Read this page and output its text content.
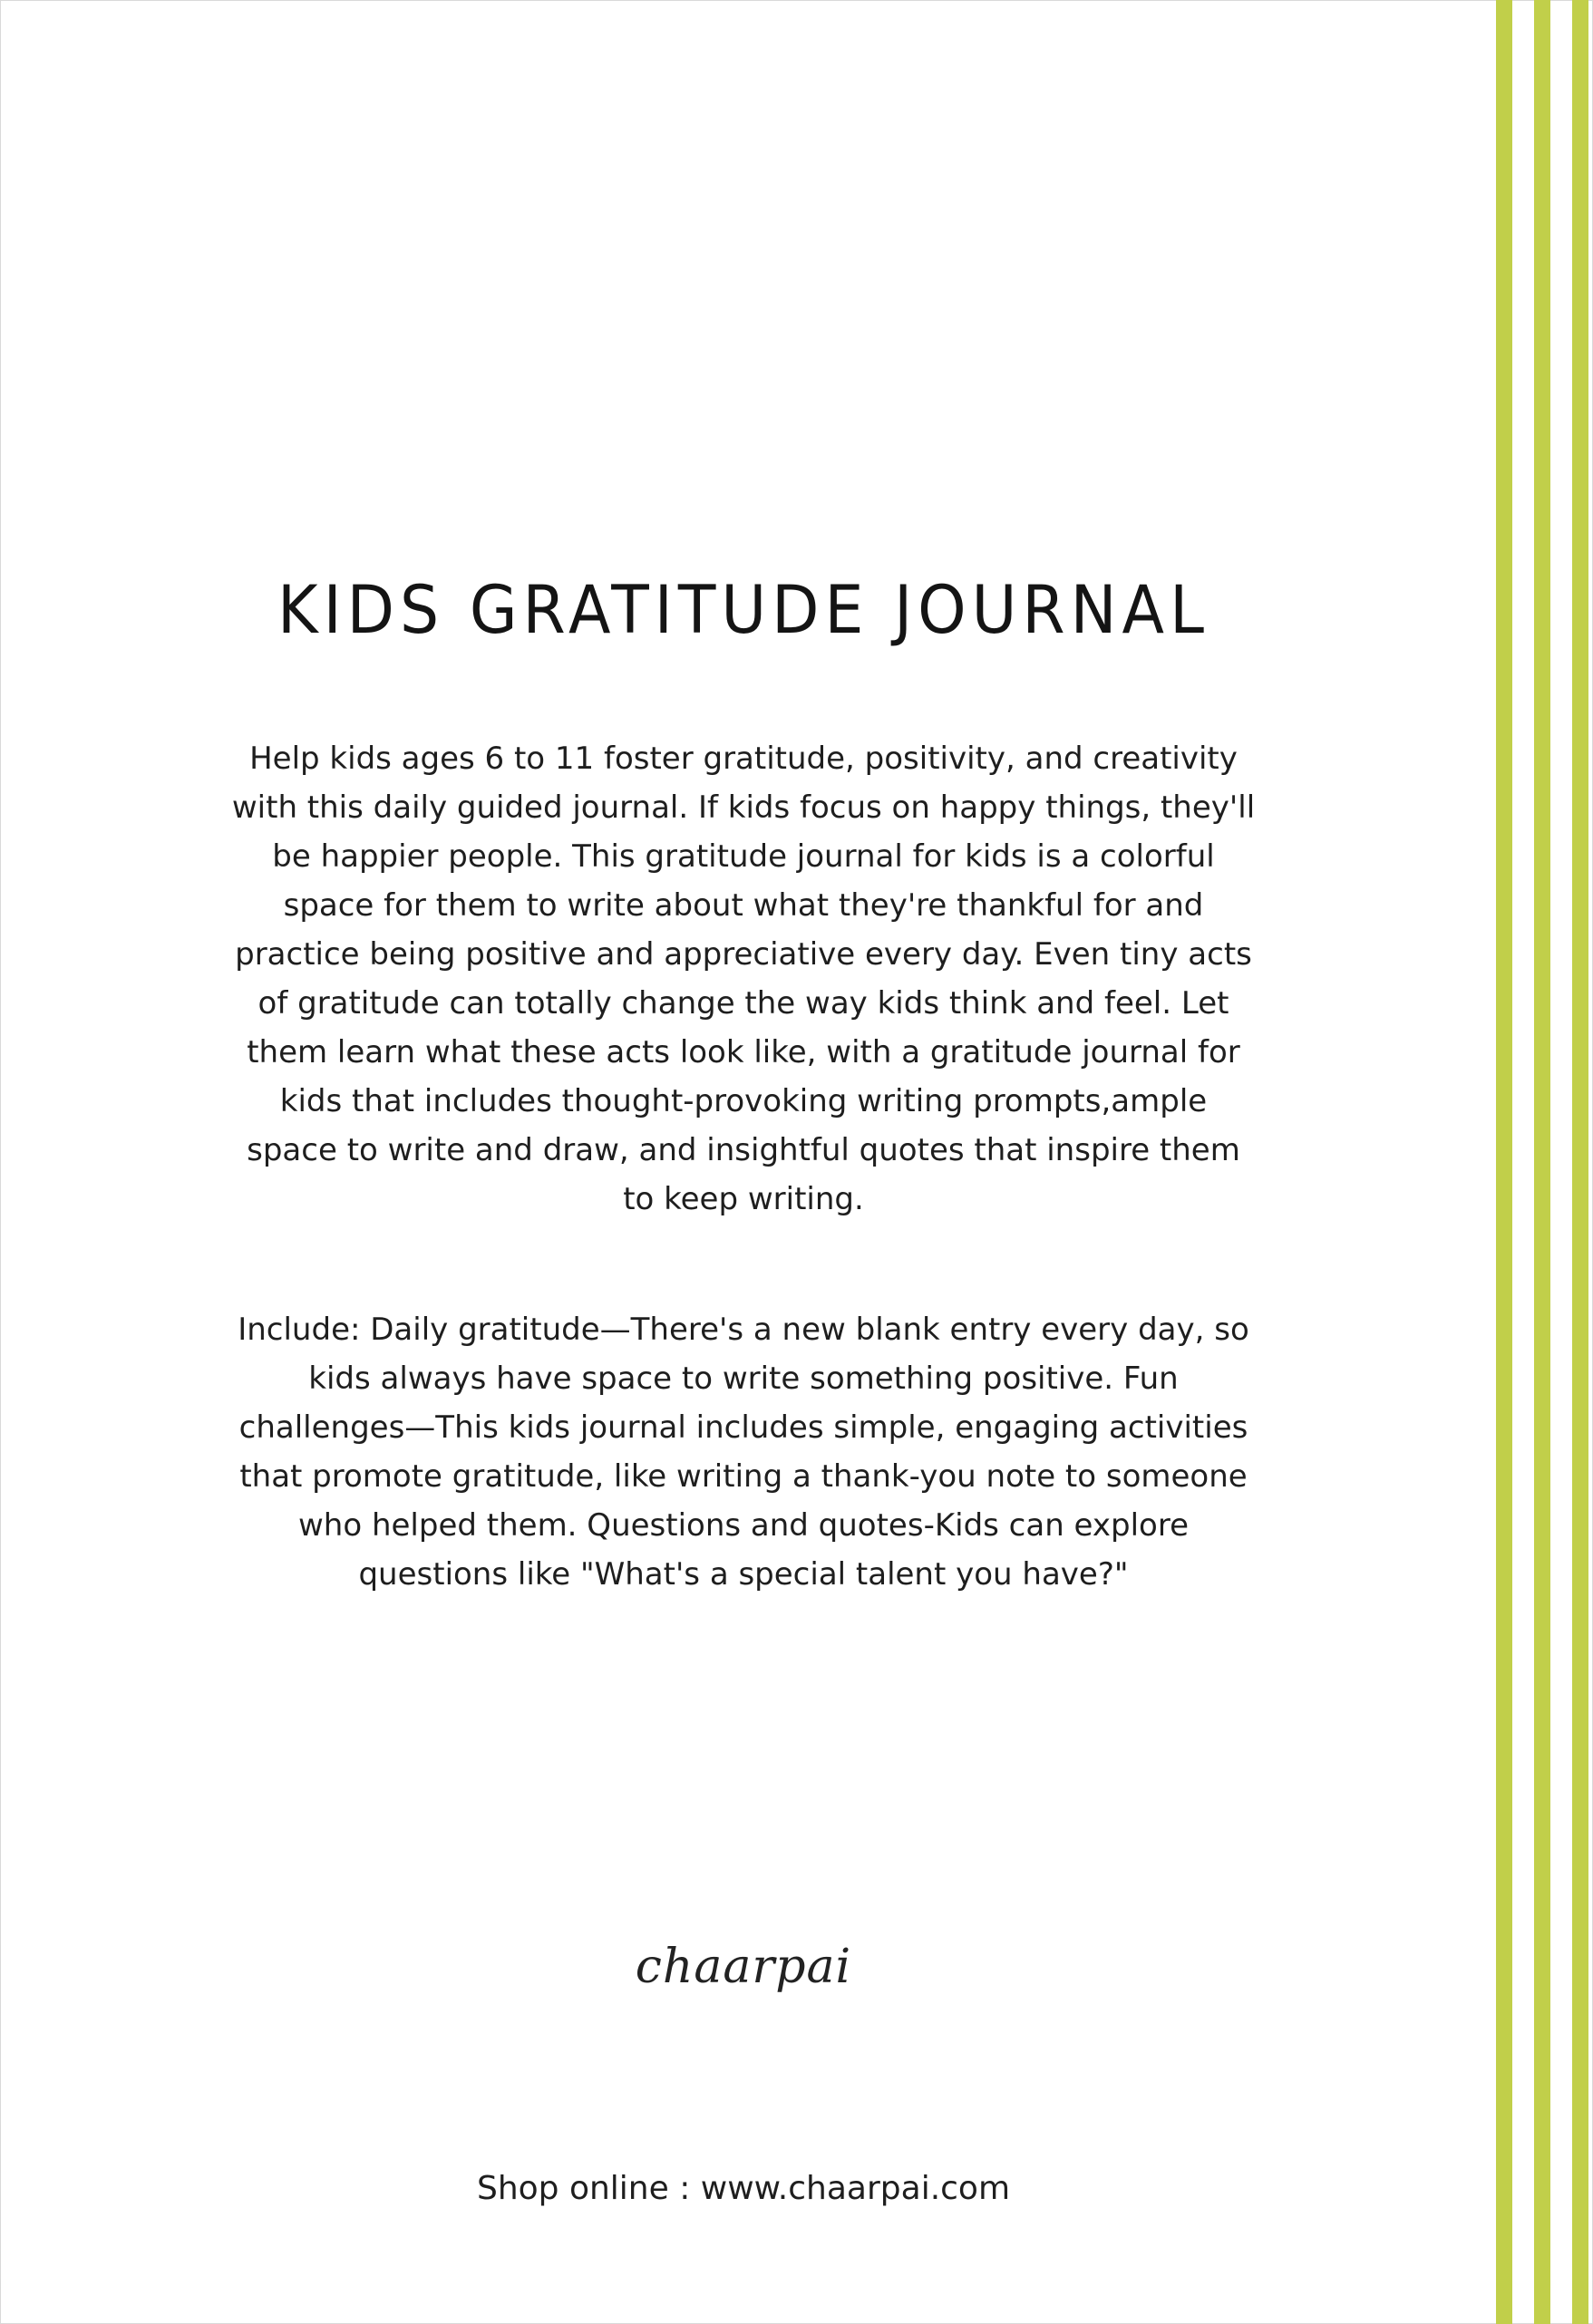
KIDS GRATITUDE JOURNAL

Help kids ages 6 to 11 foster gratitude, positivity, and creativity with this daily guided journal. If kids focus on happy things, they'll be happier people. This gratitude journal for kids is a colorful space for them to write about what they're thankful for and practice being positive and appreciative every day. Even tiny acts of gratitude can totally change the way kids think and feel. Let them learn what these acts look like, with a gratitude journal for kids that includes thought-provoking writing prompts,ample space to write and draw, and insightful quotes that inspire them to keep writing.

Include: Daily gratitude—There's a new blank entry every day, so kids always have space to write something positive. Fun challenges—This kids journal includes simple, engaging activities that promote gratitude, like writing a thank-you note to someone who helped them. Questions and quotes-Kids can explore questions like "What's a special talent you have?"

chaarpai
Shop online : www.chaarpai.com
